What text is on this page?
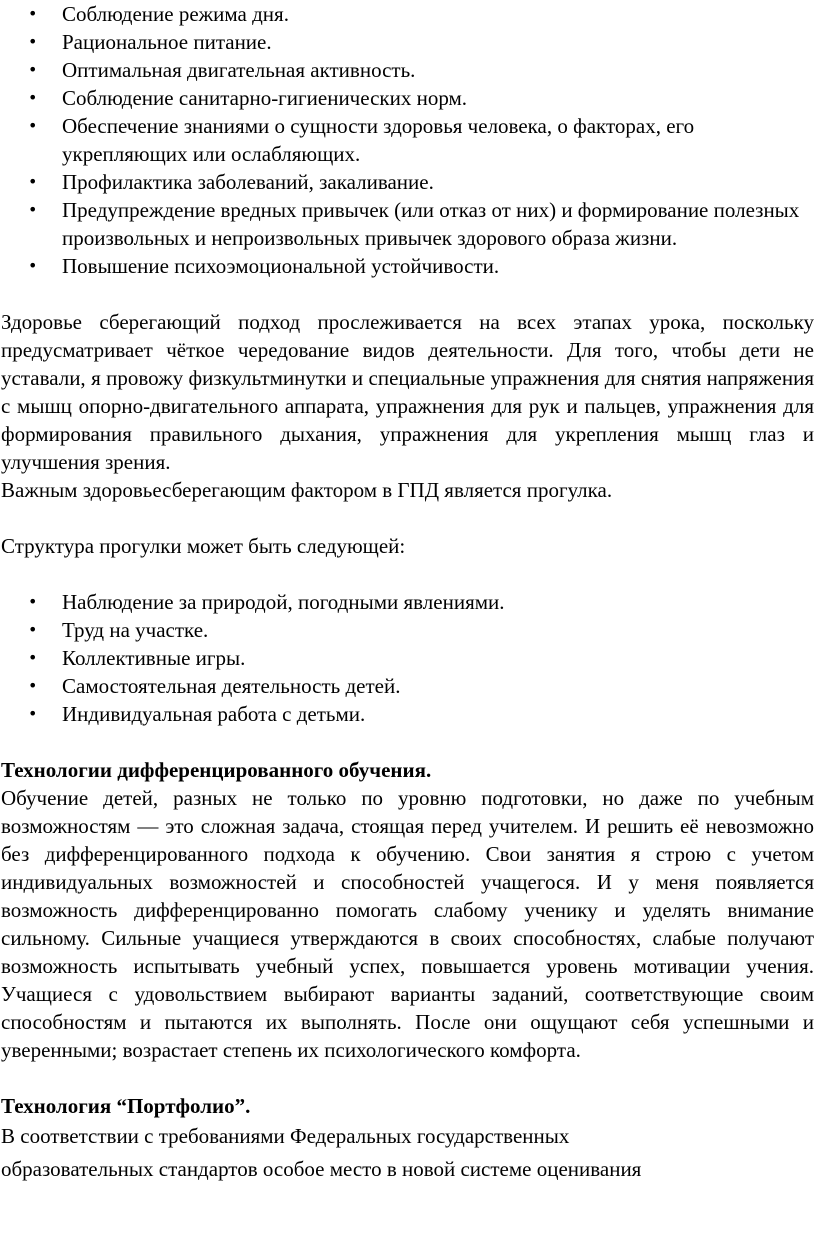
• Соблюдение режима дня.
• Рациональное питание.
• Оптимальная двигательная активность.
• Соблюдение санитарно-гигиенических норм.
• Обеспечение знаниями о сущности здоровья человека, о факторах, его укрепляющих или ослабляющих.
• Профилактика заболеваний, закаливание.
• Предупреждение вредных привычек (или отказ от них) и формирование полезных произвольных и непроизвольных привычек здорового образа жизни.
• Повышение психоэмоциональной устойчивости.

Здоровье сберегающий подход прослеживается на всех этапах урока, поскольку предусматривает чёткое чередование видов деятельности. Для того, чтобы дети не уставали, я провожу физкультминутки и специальные упражнения для снятия напряжения с мышц опорно-двигательного аппарата, упражнения для рук и пальцев, упражнения для формирования правильного дыхания, упражнения для укрепления мышц глаз и улучшения зрения.

Важным здоровьесберегающим фактором в ГПД является прогулка.

Структура прогулки может быть следующей:

• Наблюдение за природой, погодными явлениями.
• Труд на участке.
• Коллективные игры.
• Самостоятельная деятельность детей.
• Индивидуальная работа с детьми.

Технологии дифференцированного обучения.

Обучение детей, разных не только по уровню подготовки, но даже по учебным возможностям — это сложная задача, стоящая перед учителем. И решить её невозможно без дифференцированного подхода к обучению. Свои занятия я строю с учетом индивидуальных возможностей и способностей учащегося. И у меня появляется возможность дифференцированно помогать слабому ученику и уделять внимание сильному. Сильные учащиеся утверждаются в своих способностях, слабые получают возможность испытывать учебный успех, повышается уровень мотивации учения. Учащиеся с удовольствием выбирают варианты заданий, соответствующие своим способностям и пытаются их выполнять. После они ощущают себя успешными и уверенными; возрастает степень их психологического комфорта.

Технология “Портфолио”.

В соответствии с требованиями Федеральных государственных

образовательных стандартов особое место в новой системе оценивания
